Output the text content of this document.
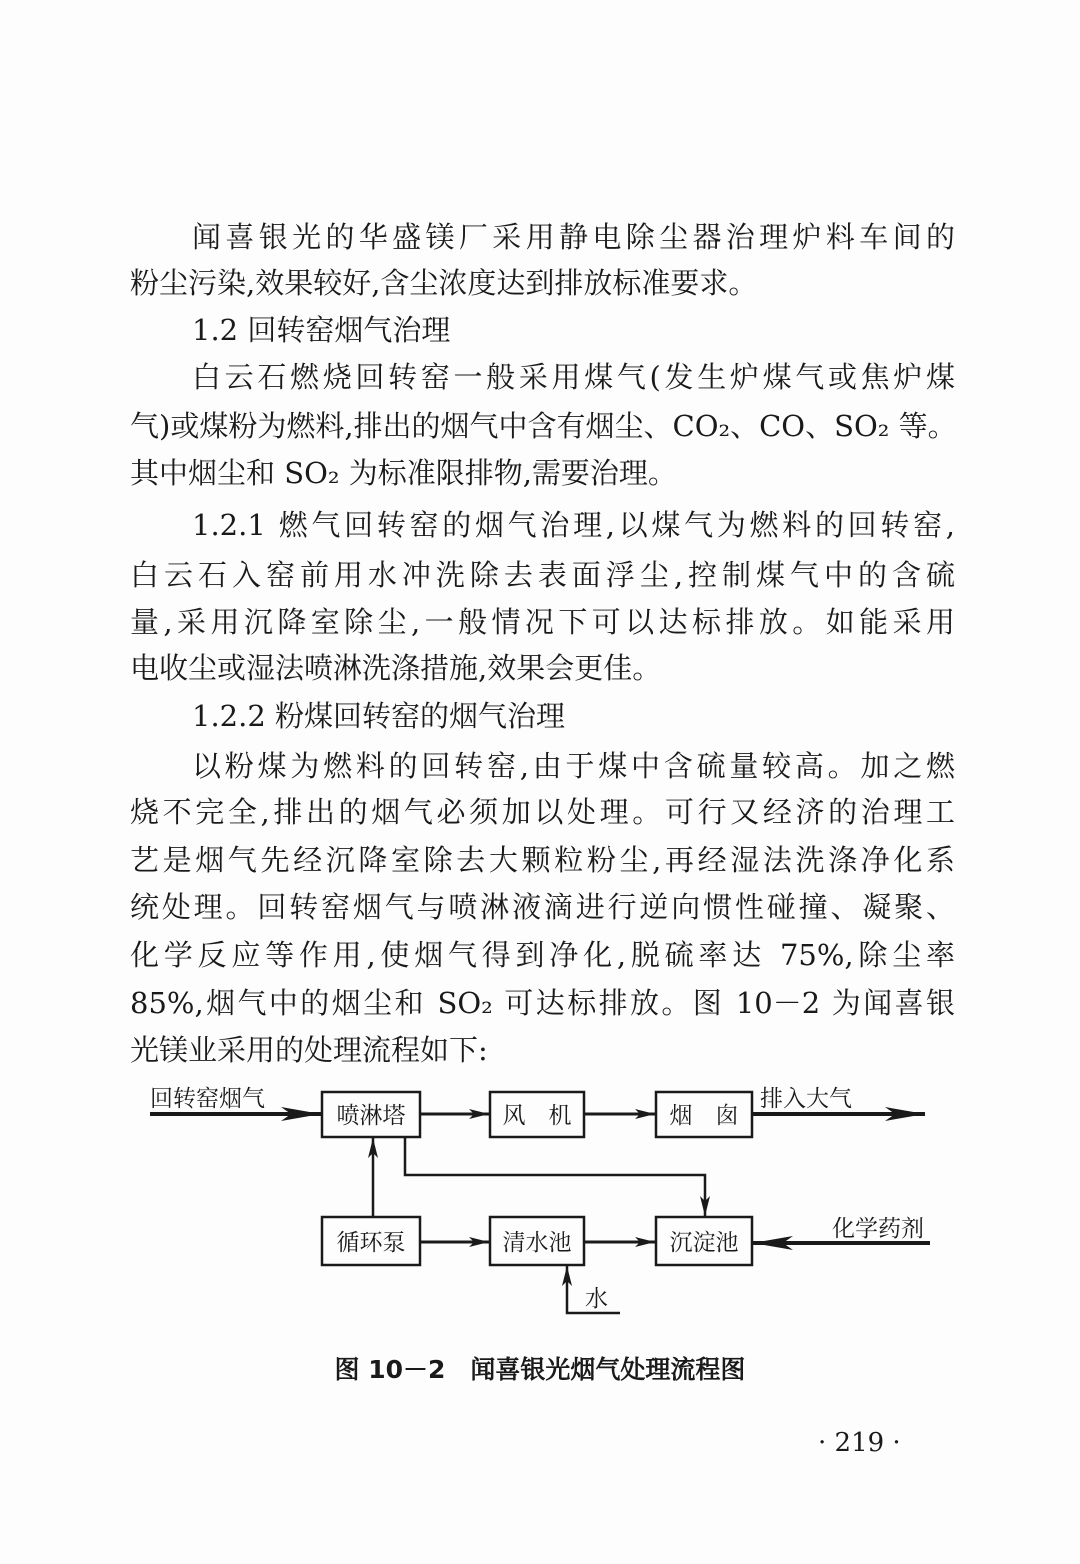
闻喜银光的华盛镁厂采用静电除尘器治理炉料车间的
粉尘污染,效果较好,含尘浓度达到排放标准要求。
1.2 回转窑烟气治理
白云石燃烧回转窑一般采用煤气(发生炉煤气或焦炉煤
气)或煤粉为燃料,排出的烟气中含有烟尘、CO₂、CO、SO₂ 等。
其中烟尘和 SO₂ 为标准限排物,需要治理。
1.2.1 燃气回转窑的烟气治理,以煤气为燃料的回转窑,
白云石入窑前用水冲洗除去表面浮尘,控制煤气中的含硫
量,采用沉降室除尘,一般情况下可以达标排放。如能采用
电收尘或湿法喷淋洗涤措施,效果会更佳。
1.2.2 粉煤回转窑的烟气治理
以粉煤为燃料的回转窑,由于煤中含硫量较高。加之燃
烧不完全,排出的烟气必须加以处理。可行又经济的治理工
艺是烟气先经沉降室除去大颗粒粉尘,再经湿法洗涤净化系
统处理。回转窑烟气与喷淋液滴进行逆向惯性碰撞、凝聚、
化学反应等作用,使烟气得到净化,脱硫率达 75%,除尘率
85%,烟气中的烟尘和 SO₂ 可达标排放。图 10－2 为闻喜银
光镁业采用的处理流程如下:
回转窑烟气	排入大气
化学药剂
水
喷淋塔	风　机	烟　囱
循环泵	清水池	沉淀池
图 10－2　闻喜银光烟气处理流程图
· 219 ·
